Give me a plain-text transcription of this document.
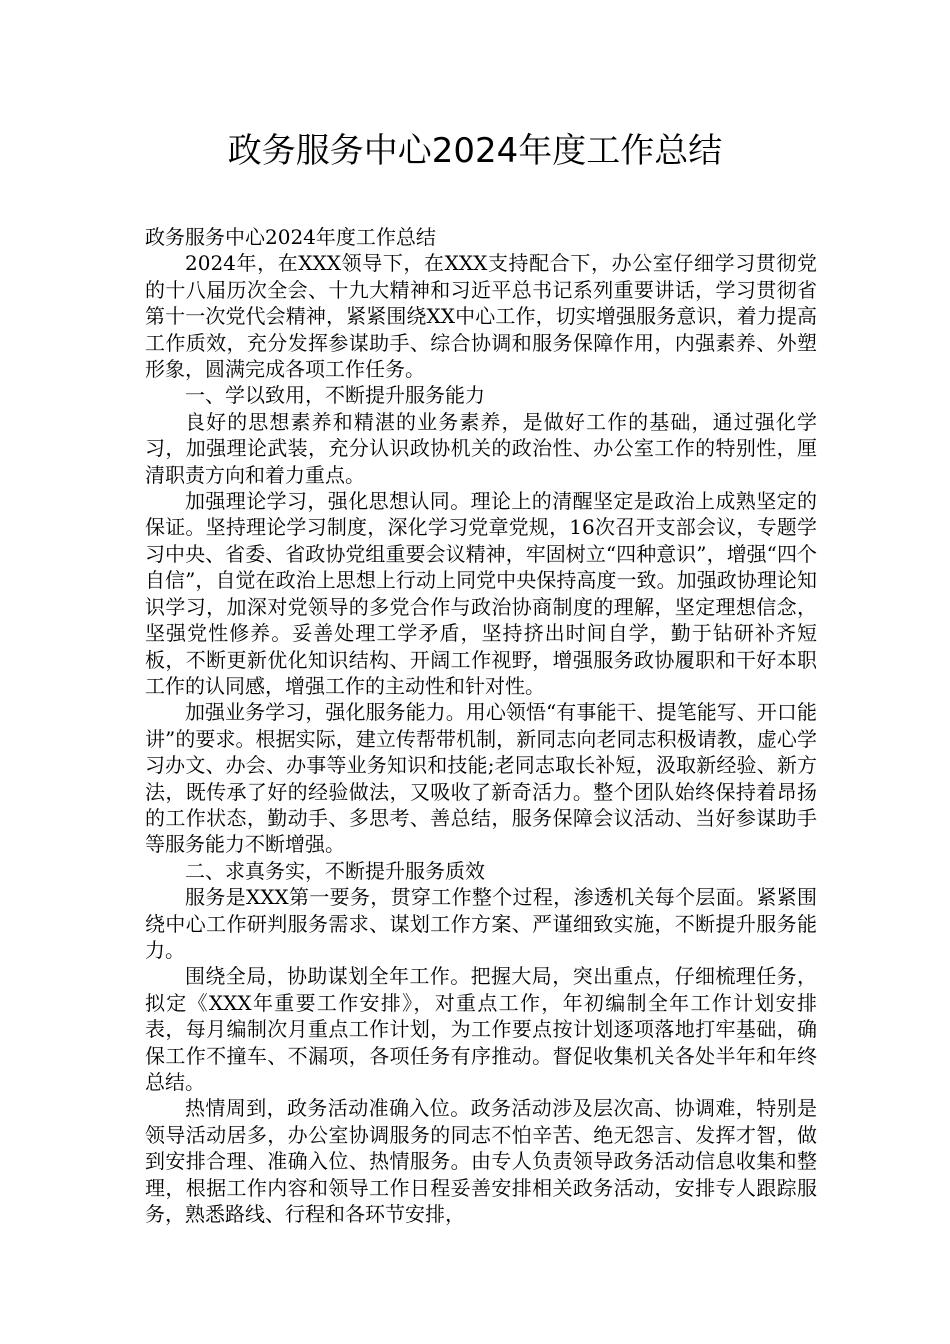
政务服务中心2024年度工作总结

政务服务中心2024年度工作总结

2024年，在XXX领导下，在XXX支持配合下，办公室仔细学习贯彻党的十八届历次全会、十九大精神和习近平总书记系列重要讲话，学习贯彻省第十一次党代会精神，紧紧围绕XX中心工作，切实增强服务意识，着力提高工作质效，充分发挥参谋助手、综合协调和服务保障作用，内强素养、外塑形象，圆满完成各项工作任务。

一、学以致用，不断提升服务能力

良好的思想素养和精湛的业务素养，是做好工作的基础，通过强化学习，加强理论武装，充分认识政协机关的政治性、办公室工作的特别性，厘清职责方向和着力重点。

加强理论学习，强化思想认同。理论上的清醒坚定是政治上成熟坚定的保证。坚持理论学习制度，深化学习党章党规，16次召开支部会议，专题学习中央、省委、省政协党组重要会议精神，牢固树立“四种意识”，增强“四个自信”，自觉在政治上思想上行动上同党中央保持高度一致。加强政协理论知识学习，加深对党领导的多党合作与政治协商制度的理解，坚定理想信念，坚强党性修养。妥善处理工学矛盾，坚持挤出时间自学，勤于钻研补齐短板，不断更新优化知识结构、开阔工作视野，增强服务政协履职和干好本职工作的认同感，增强工作的主动性和针对性。

加强业务学习，强化服务能力。用心领悟“有事能干、提笔能写、开口能讲”的要求。根据实际，建立传帮带机制，新同志向老同志积极请教，虚心学习办文、办会、办事等业务知识和技能;老同志取长补短，汲取新经验、新方法，既传承了好的经验做法，又吸收了新奇活力。整个团队始终保持着昂扬的工作状态，勤动手、多思考、善总结，服务保障会议活动、当好参谋助手等服务能力不断增强。

二、求真务实，不断提升服务质效

服务是XXX第一要务，贯穿工作整个过程，渗透机关每个层面。紧紧围绕中心工作研判服务需求、谋划工作方案、严谨细致实施，不断提升服务能力。

围绕全局，协助谋划全年工作。把握大局，突出重点，仔细梳理任务，拟定《XXX年重要工作安排》，对重点工作，年初编制全年工作计划安排表，每月编制次月重点工作计划，为工作要点按计划逐项落地打牢基础，确保工作不撞车、不漏项，各项任务有序推动。督促收集机关各处半年和年终总结。

热情周到，政务活动准确入位。政务活动涉及层次高、协调难，特别是领导活动居多，办公室协调服务的同志不怕辛苦、绝无怨言、发挥才智，做到安排合理、准确入位、热情服务。由专人负责领导政务活动信息收集和整理，根据工作内容和领导工作日程妥善安排相关政务活动，安排专人跟踪服务，熟悉路线、行程和各环节安排，
